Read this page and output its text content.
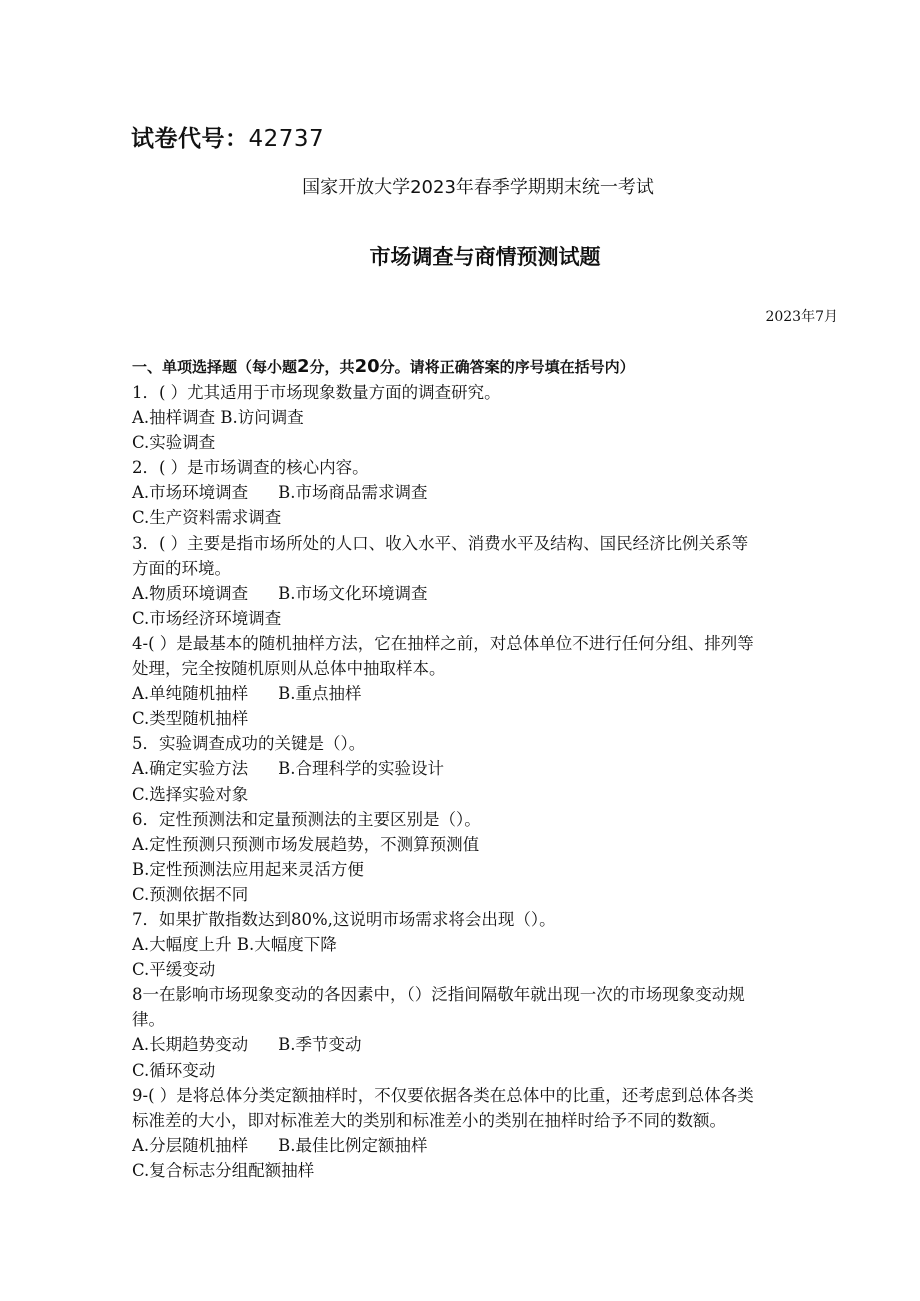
试卷代号：42737
国家开放大学2023年春季学期期末统一考试
市场调查与商情预测试题
2023年7月
一、单项选择题（每小题2分，共20分。请将正确答案的序号填在括号内）
1．( ）尤其适用于市场现象数量方面的调查研究。
A.抽样调查 B.访问调查
C.实验调查
2．( ）是市场调查的核心内容。
A.市场环境调查 B.市场商品需求调查
C.生产资料需求调查
3．( ）主要是指市场所处的人口、收入水平、消费水平及结构、国民经济比例关系等
方面的环境。
A.物质环境调查 B.市场文化环境调查
C.市场经济环境调查
4-( ）是最基本的随机抽样方法，它在抽样之前，对总体单位不进行任何分组、排列等
处理，完全按随机原则从总体中抽取样本。
A.单纯随机抽样 B.重点抽样
C.类型随机抽样
5．实验调查成功的关键是（）。
A.确定实验方法 B.合理科学的实验设计
C.选择实验对象
6．定性预测法和定量预测法的主要区别是（）。
A.定性预测只预测市场发展趋势，不测算预测值
B.定性预测法应用起来灵活方便
C.预测依据不同
7．如果扩散指数达到80%,这说明市场需求将会出现（）。
A.大幅度上升 B.大幅度下降
C.平缓变动
8一在影响市场现象变动的各因素中，（）泛指间隔敬年就出现一次的市场现象变动规
律。
A.长期趋势变动 B.季节变动
C.循环变动
9-( ）是将总体分类定额抽样时，不仅要依据各类在总体中的比重，还考虑到总体各类
标准差的大小，即对标准差大的类别和标准差小的类别在抽样时给予不同的数额。
A.分层随机抽样 B.最佳比例定额抽样
C.复合标志分组配额抽样
